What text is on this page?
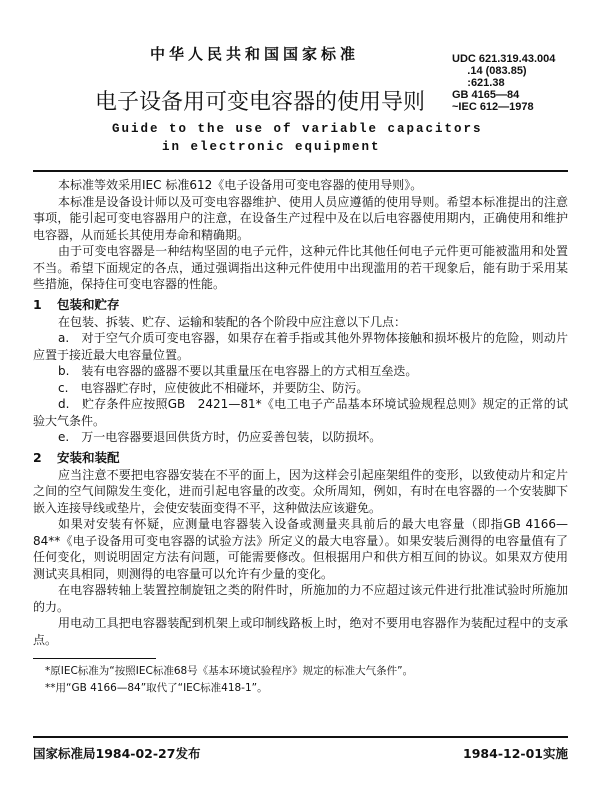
中华人民共和国国家标准
电子设备用可变电容器的使用导则
Guide to the use of variable capacitors
in electronic equipment
UDC 621.319.43.004
.14 (083.85)
:621.38
GB 4165—84
~IEC 612—1978

本标准等效采用IEC 标准612《电子设备用可变电容器的使用导则》。

本标准是设备设计师以及可变电容器维护、使用人员应遵循的使用导则。希望本标准提出的注意事项，能引起可变电容器用户的注意，在设备生产过程中及在以后电容器使用期内，正确使用和维护电容器，从而延长其使用寿命和精确期。

由于可变电容器是一种结构坚固的电子元件，这种元件比其他任何电子元件更可能被滥用和处置不当。希望下面规定的各点，通过强调指出这种元件使用中出现滥用的若干现象后，能有助于采用某些措施，保持住可变电容器的性能。

1 包装和贮存

在包装、拆装、贮存、运输和装配的各个阶段中应注意以下几点：

a.　对于空气介质可变电容器，如果存在着手指或其他外界物体接触和损坏极片的危险，则动片应置于接近最大电容量位置。

b.　装有电容器的盛器不要以其重量压在电容器上的方式相互垒迭。

c.　电容器贮存时，应使彼此不相碰坏，并要防尘、防污。

d.　贮存条件应按照GB　2421—81*《电工电子产品基本环境试验规程总则》规定的正常的试验大气条件。

e.　万一电容器要退回供货方时，仍应妥善包装，以防损坏。

2 安装和装配

应当注意不要把电容器安装在不平的面上，因为这样会引起座架组件的变形，以致使动片和定片之间的空气间隙发生变化，进而引起电容量的改变。众所周知，例如，有时在电容器的一个安装脚下嵌入连接导线或垫片，会使安装面变得不平，这种做法应该避免。

如果对安装有怀疑，应测量电容器装入设备或测量夹具前后的最大电容量（即指GB 4166—84**《电子设备用可变电容器的试验方法》所定义的最大电容量）。如果安装后测得的电容量值有了任何变化，则说明固定方法有问题，可能需要修改。但根据用户和供方相互间的协议。如果双方使用测试夹具相同，则测得的电容量可以允许有少量的变化。

在电容器转轴上装置控制旋钮之类的附件时，所施加的力不应超过该元件进行批准试验时所施加的力。

用电动工具把电容器装配到机架上或印制线路板上时，绝对不要用电容器作为装配过程中的支承点。

*原IEC标准为“按照IEC标准68号《基本环境试验程序》规定的标准大气条件”。
**用“GB 4166—84”取代了“IEC标准418-1”。
国家标准局1984-02-27发布	1984-12-01实施
